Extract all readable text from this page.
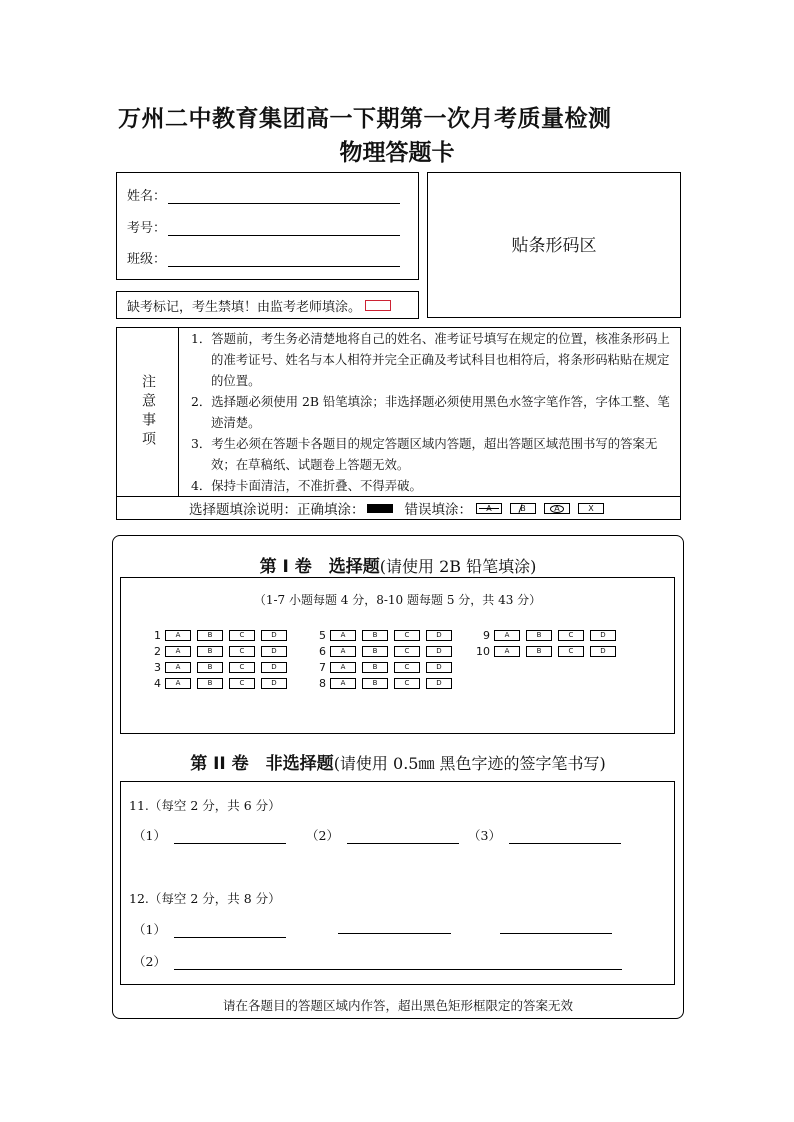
万州二中教育集团高一下期第一次月考质量检测
物理答题卡
姓名：
考号：
班级：
贴条形码区
缺考标记，考生禁填！由监考老师填涂。
注意事项
1．答题前，考生务必清楚地将自己的姓名、准考证号填写在规定的位置，核准条形码上的准考证号、姓名与本人相符并完全正确及考试科目也相符后，将条形码粘贴在规定的位置。
2．选择题必须使用 2B 铅笔填涂；非选择题必须使用黑色水签字笔作答，字体工整、笔迹清楚。
3．考生必须在答题卡各题目的规定答题区域内答题，超出答题区域范围书写的答案无效；在草稿纸、试题卷上答题无效。
4．保持卡面清洁，不准折叠、不得弄破。
选择题填涂说明：正确填涂：	错误填涂： A	B	A	X
第 I 卷　选择题(请使用 2B 铅笔填涂)
（1-7 小题每题 4 分，8-10 题每题 5 分，共 43 分）
1	A	B	C	D
2	A	B	C	D
3	A	B	C	D
4	A	B	C	D
5	A	B	C	D
6	A	B	C	D
7	A	B	C	D
8	A	B	C	D
9	A	B	C	D
10	A	B	C	D
第 II 卷　非选择题(请使用 0.5㎜ 黑色字迹的签字笔书写)
11.（每空 2 分，共 6 分）
12.（每空 2 分，共 8 分）
（1）	（2）	（3）
（1）
（2）
请在各题目的答题区域内作答，超出黑色矩形框限定的答案无效
